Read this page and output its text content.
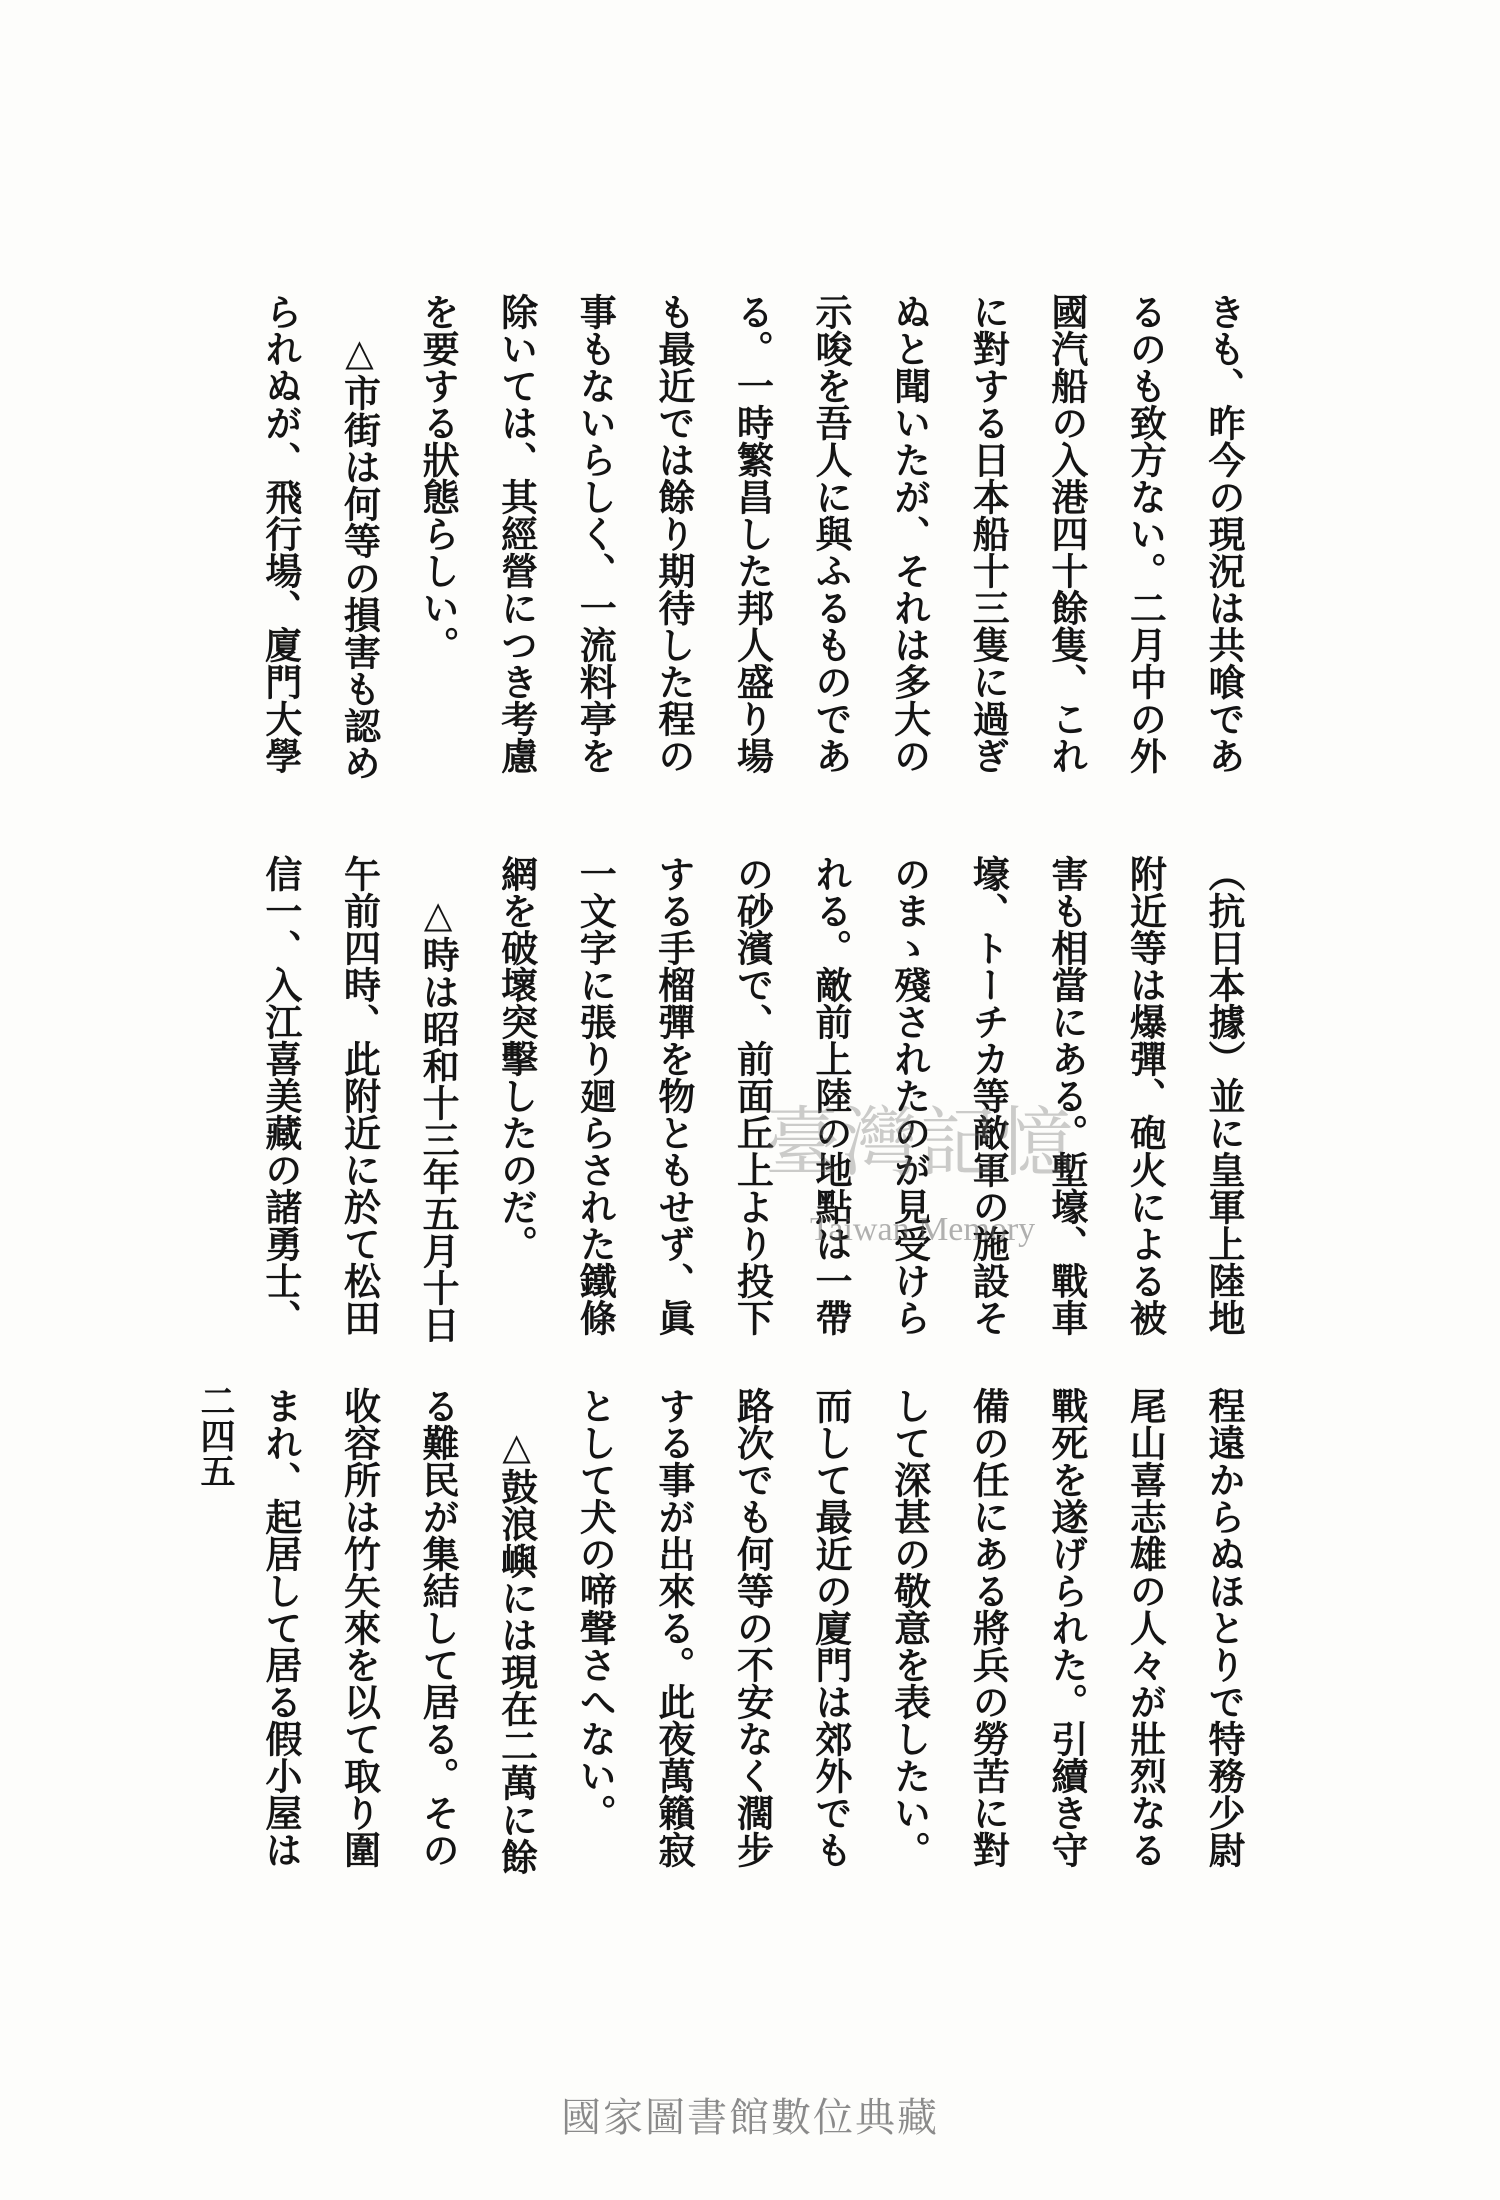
きも、昨今の現況は共喰であ
るのも致方ない。二月中の外
國汽船の入港四十餘隻、これ
に對する日本船十三隻に過ぎ
ぬと聞いたが、それは多大の
示唆を吾人に與ふるものであ
る。一時繁昌した邦人盛り場
も最近では餘り期待した程の
事もないらしく、一流料亭を
除いては、其經營につき考慮
を要する狀態らしい。
△市街は何等の損害も認め
られぬが、飛行場、廈門大學
（抗日本據）並に皇軍上陸地
附近等は爆彈、砲火による被
害も相當にある。塹壕、戰車
壕、トーチカ等敵軍の施設そ
のまゝ殘されたのが見受けら
れる。敵前上陸の地點は一帶
の砂濱で、前面丘上より投下
する手榴彈を物ともせず、眞
一文字に張り廻らされた鐵條
網を破壞突擊したのだ。
△時は昭和十三年五月十日
午前四時、此附近に於て松田
信一、入江喜美藏の諸勇士、
程遠からぬほとりで特務少尉
尾山喜志雄の人々が壯烈なる
戰死を遂げられた。引續き守
備の任にある將兵の勞苦に對
して深甚の敬意を表したい。
而して最近の廈門は郊外でも
路次でも何等の不安なく濶步
する事が出來る。此夜萬籟寂
として犬の啼聲さへない。
△鼓浪嶼には現在二萬に餘
る難民が集結して居る。その
收容所は竹矢來を以て取り圍
まれ、起居して居る假小屋は
二四五
臺灣記憶
Taiwan Memory
國家圖書館數位典藏
